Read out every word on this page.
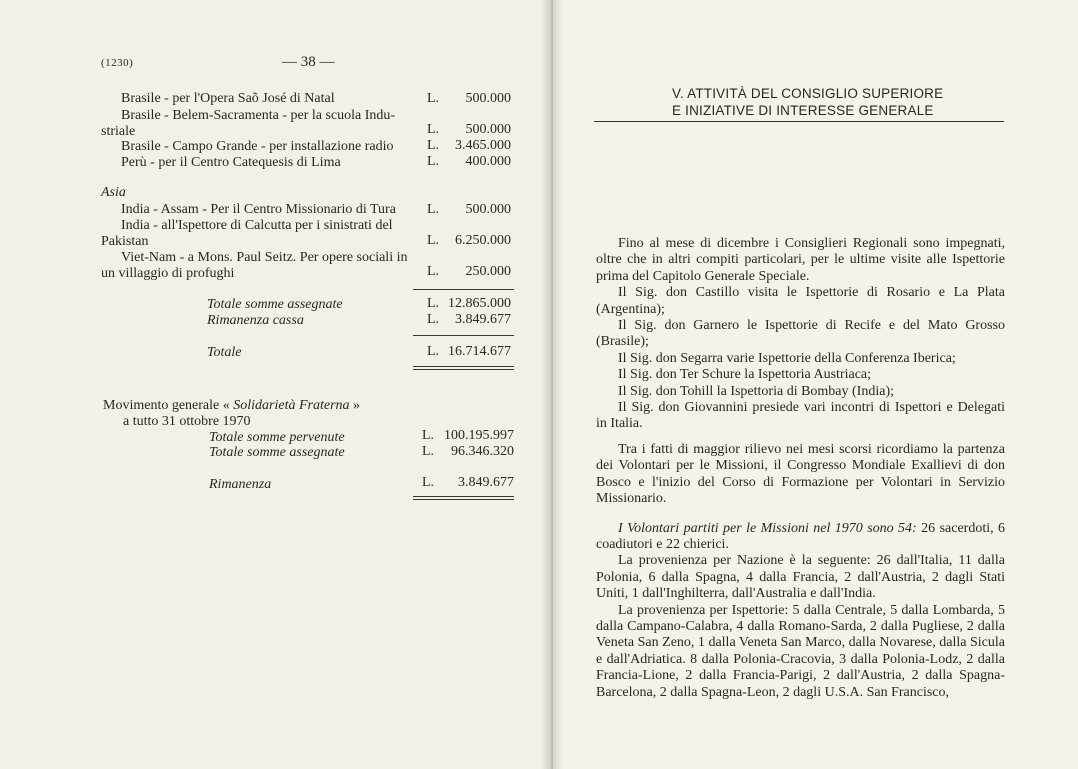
(1230)	— 38 —
Brasile - per l'Opera Saõ José di Natal	L.	500.000
Brasile - Belem-Sacramenta - per la scuola Indu-
striale	L.	500.000
Brasile - Campo Grande - per installazione radio L.	3.465.000
Perù - per il Centro Catequesis di Lima	L.	400.000
Asia
India - Assam - Per il Centro Missionario di Tura L.	500.000
India - all'Ispettore di Calcutta per i sinistrati del
Pakistan	L.	6.250.000
Viet-Nam - a Mons. Paul Seitz. Per opere sociali in
un villaggio di profughi	L.	250.000
Totale somme assegnate	L. 12.865.000
Rimanenza cassa	L.	3.849.677
Totale	L. 16.714.677
Movimento generale « Solidarietà Fraterna »
a tutto 31 ottobre 1970
Totale somme pervenute	L. 100.195.997
Totale somme assegnate	L.	96.346.320
Rimanenza	L.	3.849.677
V. ATTIVITÀ DEL CONSIGLIO SUPERIORE
E INIZIATIVE DI INTERESSE GENERALE

Fino al mese di dicembre i Consiglieri Regionali sono impegnati, oltre che in altri compiti particolari, per le ultime visite alle Ispettorie prima del Capitolo Generale Speciale.

Il Sig. don Castillo visita le Ispettorie di Rosario e La Plata (Argentina);

Il Sig. don Garnero le Ispettorie di Recife e del Mato Grosso (Brasile);

Il Sig. don Segarra varie Ispettorie della Conferenza Iberica;

Il Sig. don Ter Schure la Ispettoria Austriaca;

Il Sig. don Tohill la Ispettoria di Bombay (India);

Il Sig. don Giovannini presiede vari incontri di Ispettori e Delegati in Italia.

Tra i fatti di maggior rilievo nei mesi scorsi ricordiamo la partenza dei Volontari per le Missioni, il Congresso Mondiale Exallievi di don Bosco e l'inizio del Corso di Formazione per Volontari in Servizio Missionario.

I Volontari partiti per le Missioni nel 1970 sono 54: 26 sacerdoti, 6 coadiutori e 22 chierici.

La provenienza per Nazione è la seguente: 26 dall'Italia, 11 dalla Polonia, 6 dalla Spagna, 4 dalla Francia, 2 dall'Austria, 2 dagli Stati Uniti, 1 dall'Inghilterra, dall'Australia e dall'India.

La provenienza per Ispettorie: 5 dalla Centrale, 5 dalla Lombarda, 5 dalla Campano-Calabra, 4 dalla Romano-Sarda, 2 dalla Pugliese, 2 dalla Veneta San Zeno, 1 dalla Veneta San Marco, dalla Novarese, dalla Sicula e dall'Adriatica. 8 dalla Polonia-Cracovia, 3 dalla Polonia-Lodz, 2 dalla Francia-Lione, 2 dalla Francia-Parigi, 2 dall'Austria, 2 dalla Spagna-Barcelona, 2 dalla Spagna-Leon, 2 dagli U.S.A. San Francisco,
